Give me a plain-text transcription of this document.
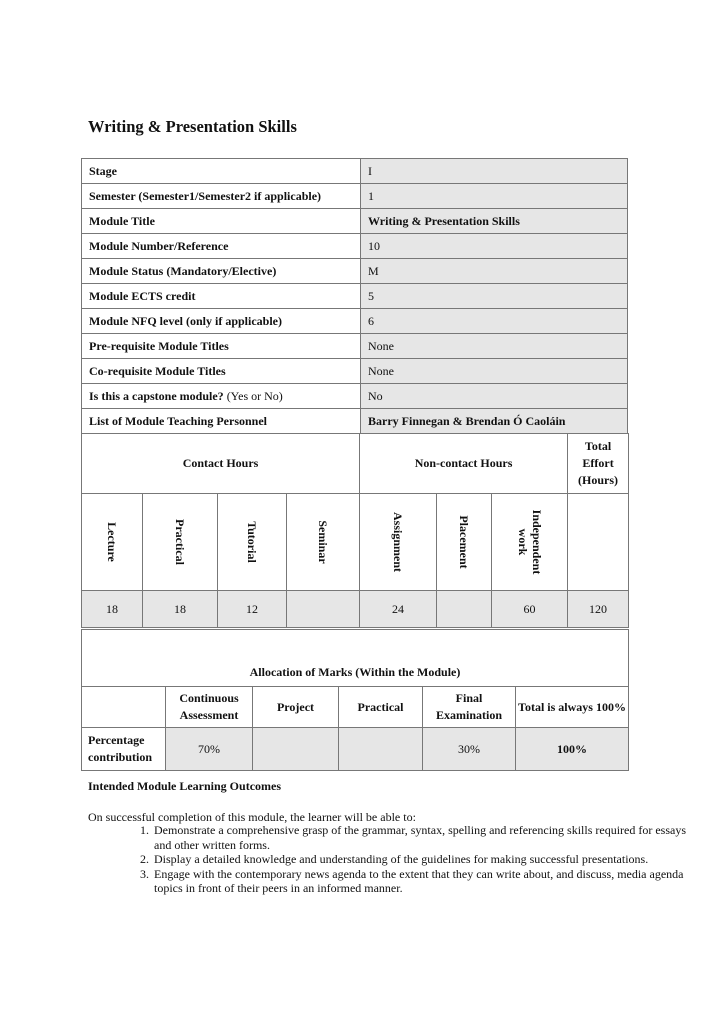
Writing & Presentation Skills
Stage	I
Semester (Semester1/Semester2 if applicable)	1
Module Title	Writing & Presentation Skills
Module Number/Reference	10
Module Status (Mandatory/Elective)	M
Module ECTS credit	5
Module NFQ level (only if applicable)	6
Pre-requisite Module Titles	None
Co-requisite Module Titles	None
Is this a capstone module? (Yes or No)	No
List of Module Teaching Personnel	Barry Finnegan & Brendan Ó Caoláin
Contact Hours				Non-contact Hours			Total Effort (Hours)

Lecture	Practical	Tutorial	Seminar	Assignment	Placement	Independent work	

18	18	12		24		60	120
Allocation of Marks (Within the Module)					
	Continuous Assessment	Project	Practical	Final Examination	Total is always 100%
Percentage contribution	70%			30%	100%
Intended Module Learning Outcomes
On successful completion of this module, the learner will be able to:
1. Demonstrate a comprehensive grasp of the grammar, syntax, spelling and referencing skills required for essays and other written forms.
2. Display a detailed knowledge and understanding of the guidelines for making successful presentations.
3. Engage with the contemporary news agenda to the extent that they can write about, and discuss, media agenda topics in front of their peers in an informed manner.
